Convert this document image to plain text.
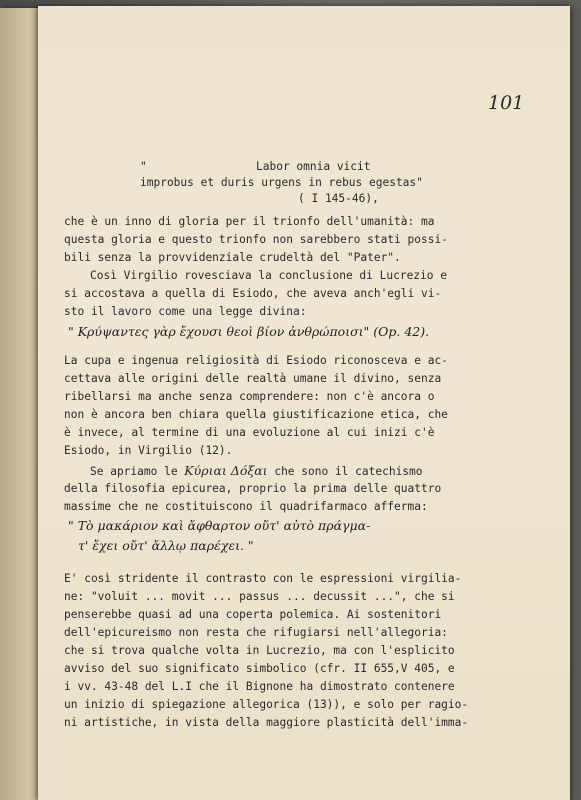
101
"	Labor omnia vicit
improbus et duris urgens in rebus egestas"
( I 145-46),
che è un inno di gloria per il trionfo dell'umanità: ma
questa gloria e questo trionfo non sarebbero stati possi-
bili senza la provvidenziale crudeltà del "Pater".
Così Virgilio rovesciava la conclusione di Lucrezio e
si accostava a quella di Esiodo, che aveva anch'egli vi-
sto il lavoro come una legge divina:
" Κρύψαντες γὰρ ἔχουσι θεοὶ βίον ἀνθρώποισι" (Op. 42).
La cupa e ingenua religiosità di Esiodo riconosceva e ac-
cettava alle origini delle realtà umane il divino, senza
ribellarsi ma anche senza comprendere: non c'è ancora o
non è ancora ben chiara quella giustificazione etica, che
è invece, al termine di una evoluzione al cui inizi c'è
Esiodo, in Virgilio (12).
Se apriamo le Κύριαι Δόξαι che sono il catechismo
della filosofia epicurea, proprio la prima delle quattro
massime che ne costituiscono il quadrifarmaco afferma:
" Τὸ μακάριον καὶ ἄφθαρτον οὔτ' αὐτὸ πράγμα-
τ' ἔχει οὔτ' ἄλλῳ παρέχει. "
E' così stridente il contrasto con le espressioni virgilia-
ne: "voluit ... movit ... passus ... decussit ...", che si
penserebbe quasi ad una coperta polemica. Ai sostenitori
dell'epicureismo non resta che rifugiarsi nell'allegoria:
che si trova qualche volta in Lucrezio, ma con l'esplicito
avviso del suo significato simbolico (cfr. II 655,V 405, e
i vv. 43-48 del L.I che il Bignone ha dimostrato contenere
un inizio di spiegazione allegorica (13)), e solo per ragio-
ni artistiche, in vista della maggiore plasticità dell'imma-
